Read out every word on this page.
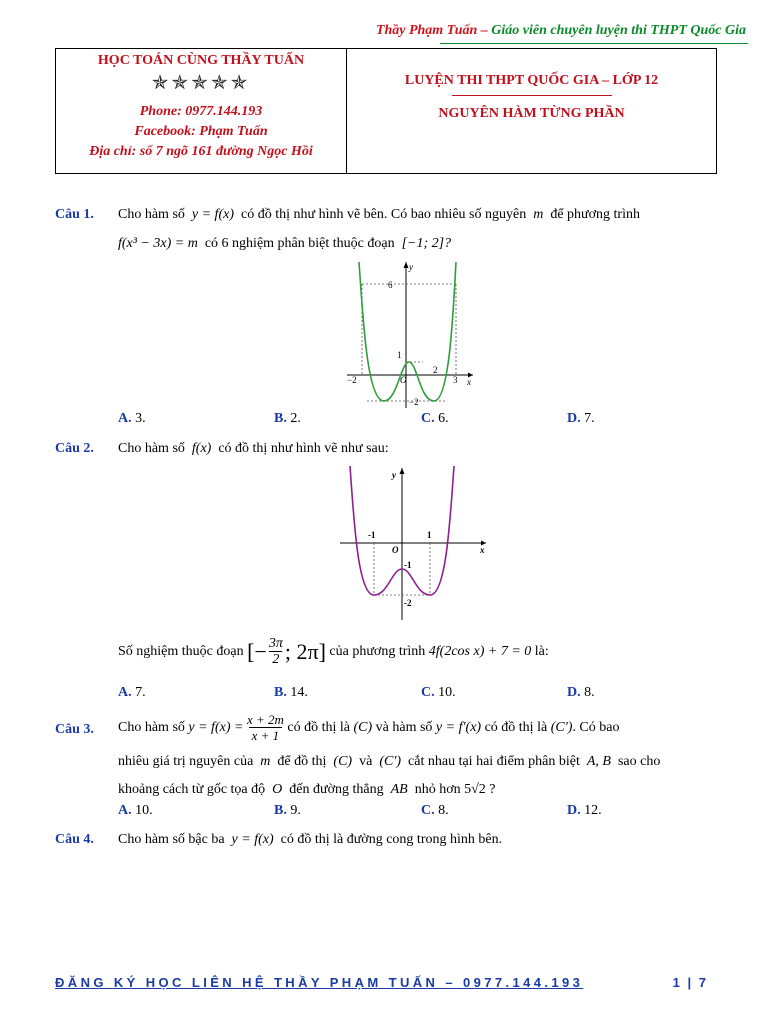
Thầy Phạm Tuấn – Giáo viên chuyên luyện thi THPT Quốc Gia
HỌC TOÁN CÙNG THẦY TUẤN
✯✯✯✯✯
Phone: 0977.144.193
Facebook: Phạm Tuấn
Địa chỉ: số 7 ngõ 161 đường Ngọc Hồi
LUYỆN THI THPT QUỐC GIA – LỚP 12
NGUYÊN HÀM TỪNG PHẦN
Câu 1. Cho hàm số y = f(x) có đồ thị như hình vẽ bên. Có bao nhiêu số nguyên m để phương trình
f(x³ − 3x) = m có 6 nghiệm phân biệt thuộc đoạn [−1; 2]?
6
1
−2
−2
2
3
O	x
y
A. 3.	B. 2.	C. 6.	D. 7.
Câu 2. Cho hàm số f(x) có đồ thị như hình vẽ như sau:
-1	1
O
-1
-2
x
y
Số nghiệm thuộc đoạn
[− $\frac{3\pi}{2}$ ; 2π]
của phương trình
4f(2cos x) + 7 = 0
là:
A. 7.	B. 14.	C. 10.	D. 8.
Câu 3. Cho hàm số
y = f(x) =
$\frac{x + 2m}{x + 1}$
có đồ thị là
(C)
và hàm số
y = f′(x)
có đồ thị là
(C′) . Có bao
nhiêu giá trị nguyên của m để đồ thị (C) và (C′) cắt nhau tại hai điểm phân biệt A, B sao cho
khoảng cách từ gốc tọa độ O đến đường thẳng AB nhỏ hơn 5√2 ?
A. 10.	B. 9.	C. 8.	D. 12.
Câu 4. Cho hàm số bậc ba y = f(x) có đồ thị là đường cong trong hình bên.
ĐĂNG KÝ HỌC LIÊN HỆ THẦY PHẠM TUẤN – 0977.144.193	1 | 7
